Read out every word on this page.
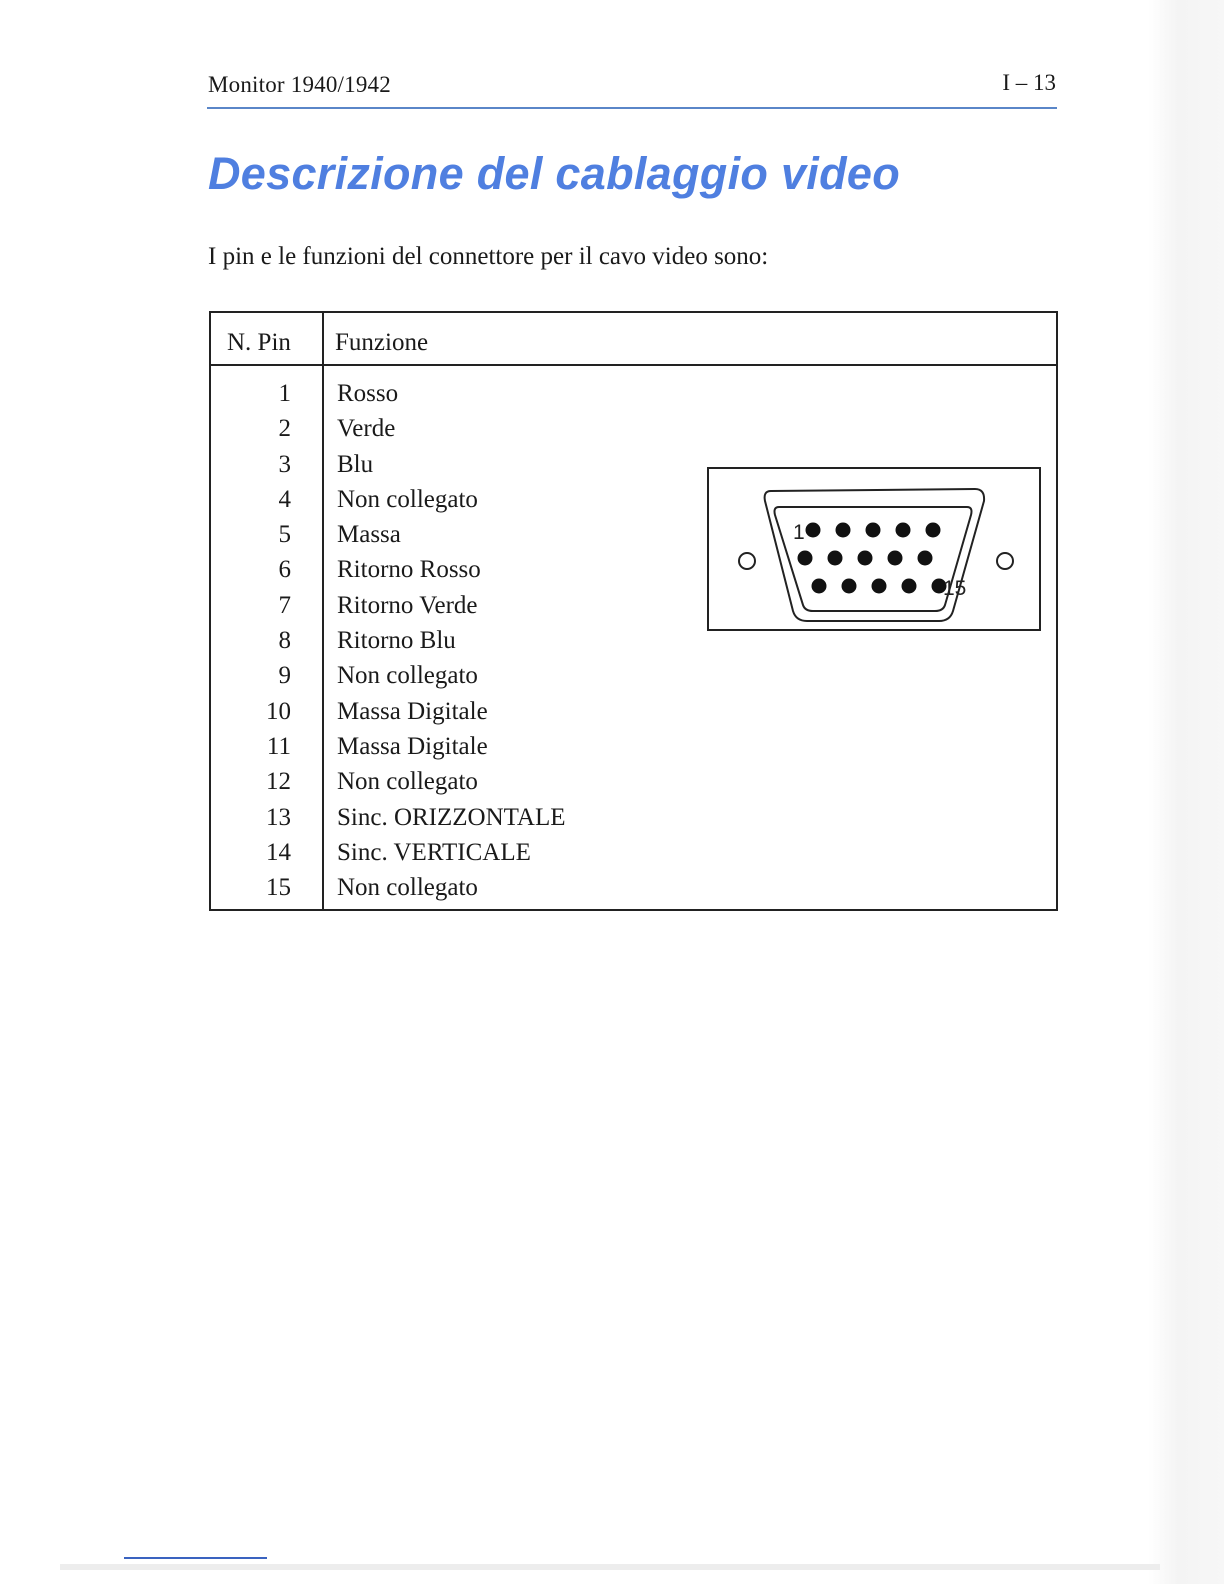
Monitor 1940/1942	I – 13
Descrizione del cablaggio video
I pin e le funzioni del connettore per il cavo video sono:
N. Pin Funzione
1 Rosso
2 Verde
3 Blu
4 Non collegato
5 Massa
6 Ritorno Rosso
7 Ritorno Verde
8 Ritorno Blu
9 Non collegato
10 Massa Digitale
11 Massa Digitale
12 Non collegato
13 Sinc. ORIZZONTALE
14 Sinc. VERTICALE
15 Non collegato
1
15
